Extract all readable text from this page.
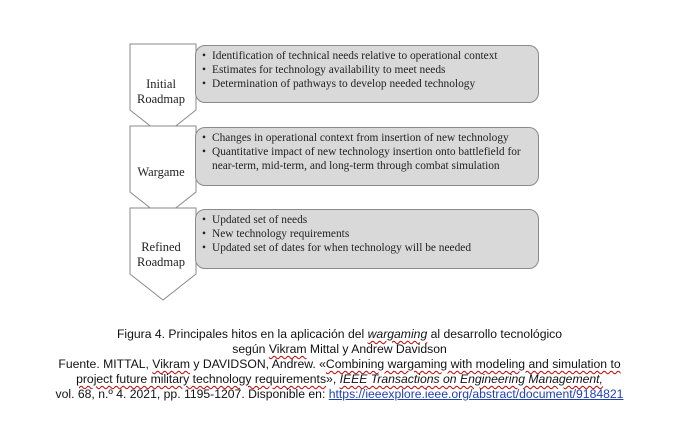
Initial
Roadmap
Wargame
Refined
Roadmap
• Identification of technical needs relative to operational context
• Estimates for technology availability to meet needs
• Determination of pathways to develop needed technology
• Changes in operational context from insertion of new technology
• Quantitative impact of new technology insertion onto battlefield for near-term, mid-term, and long-term through combat simulation
• Updated set of needs
• New technology requirements
• Updated set of dates for when technology will be needed
Figura 4. Principales hitos en la aplicación del wargaming al desarrollo tecnológico
según Vikram Mittal y Andrew Davidson
Fuente. MITTAL, Vikram y DAVIDSON, Andrew. «Combining wargaming with modeling and simulation to
project future military technology requirements», IEEE Transactions on Engineering Management,
vol. 68, n.º 4. 2021, pp. 1195-1207. Disponible en: https://ieeexplore.ieee.org/abstract/document/9184821
